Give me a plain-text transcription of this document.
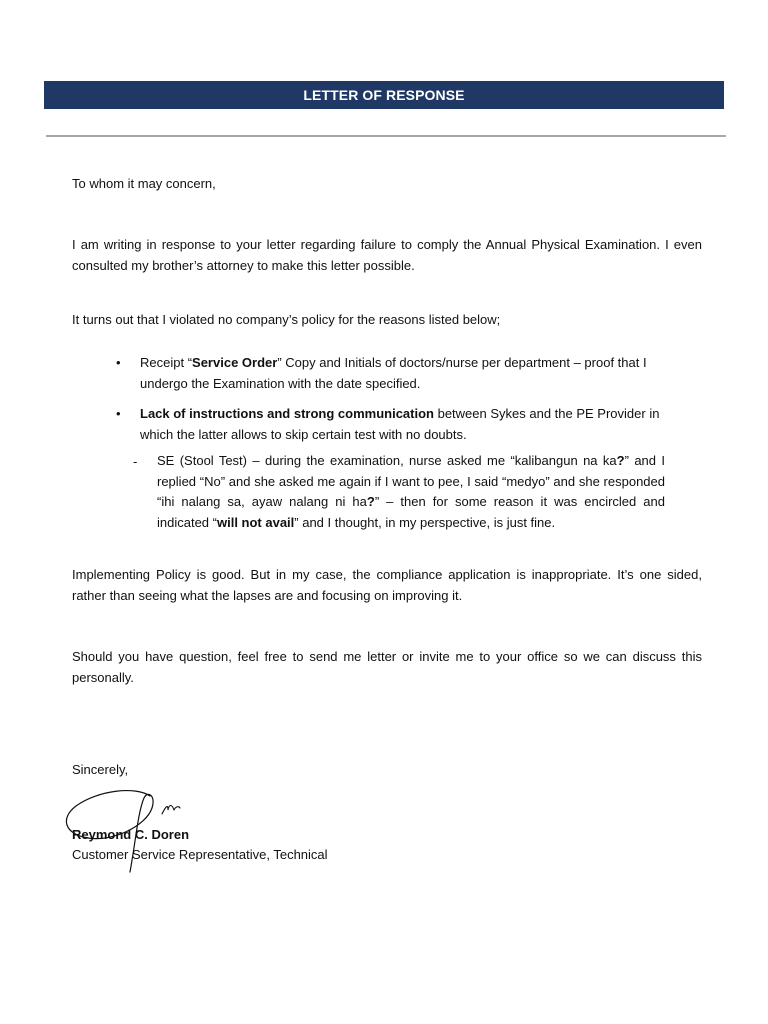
LETTER OF RESPONSE
To whom it may concern,
I am writing in response to your letter regarding failure to comply the Annual Physical Examination. I even consulted my brother’s attorney to make this letter possible.
It turns out that I violated no company’s policy for the reasons listed below;
• Receipt “Service Order” Copy and Initials of doctors/nurse per department – proof that I undergo the Examination with the date specified.
• Lack of instructions and strong communication between Sykes and the PE Provider in which the latter allows to skip certain test with no doubts.
- SE (Stool Test) – during the examination, nurse asked me “kalibangun na ka?” and I replied “No” and she asked me again if I want to pee, I said “medyo” and she responded “ihi nalang sa, ayaw nalang ni ha?” – then for some reason it was encircled and indicated “will not avail” and I thought, in my perspective, is just fine.
Implementing Policy is good. But in my case, the compliance application is inappropriate. It’s one sided, rather than seeing what the lapses are and focusing on improving it.
Should you have question, feel free to send me letter or invite me to your office so we can discuss this personally.
Sincerely,
Reymond C. Doren
Customer Service Representative, Technical
